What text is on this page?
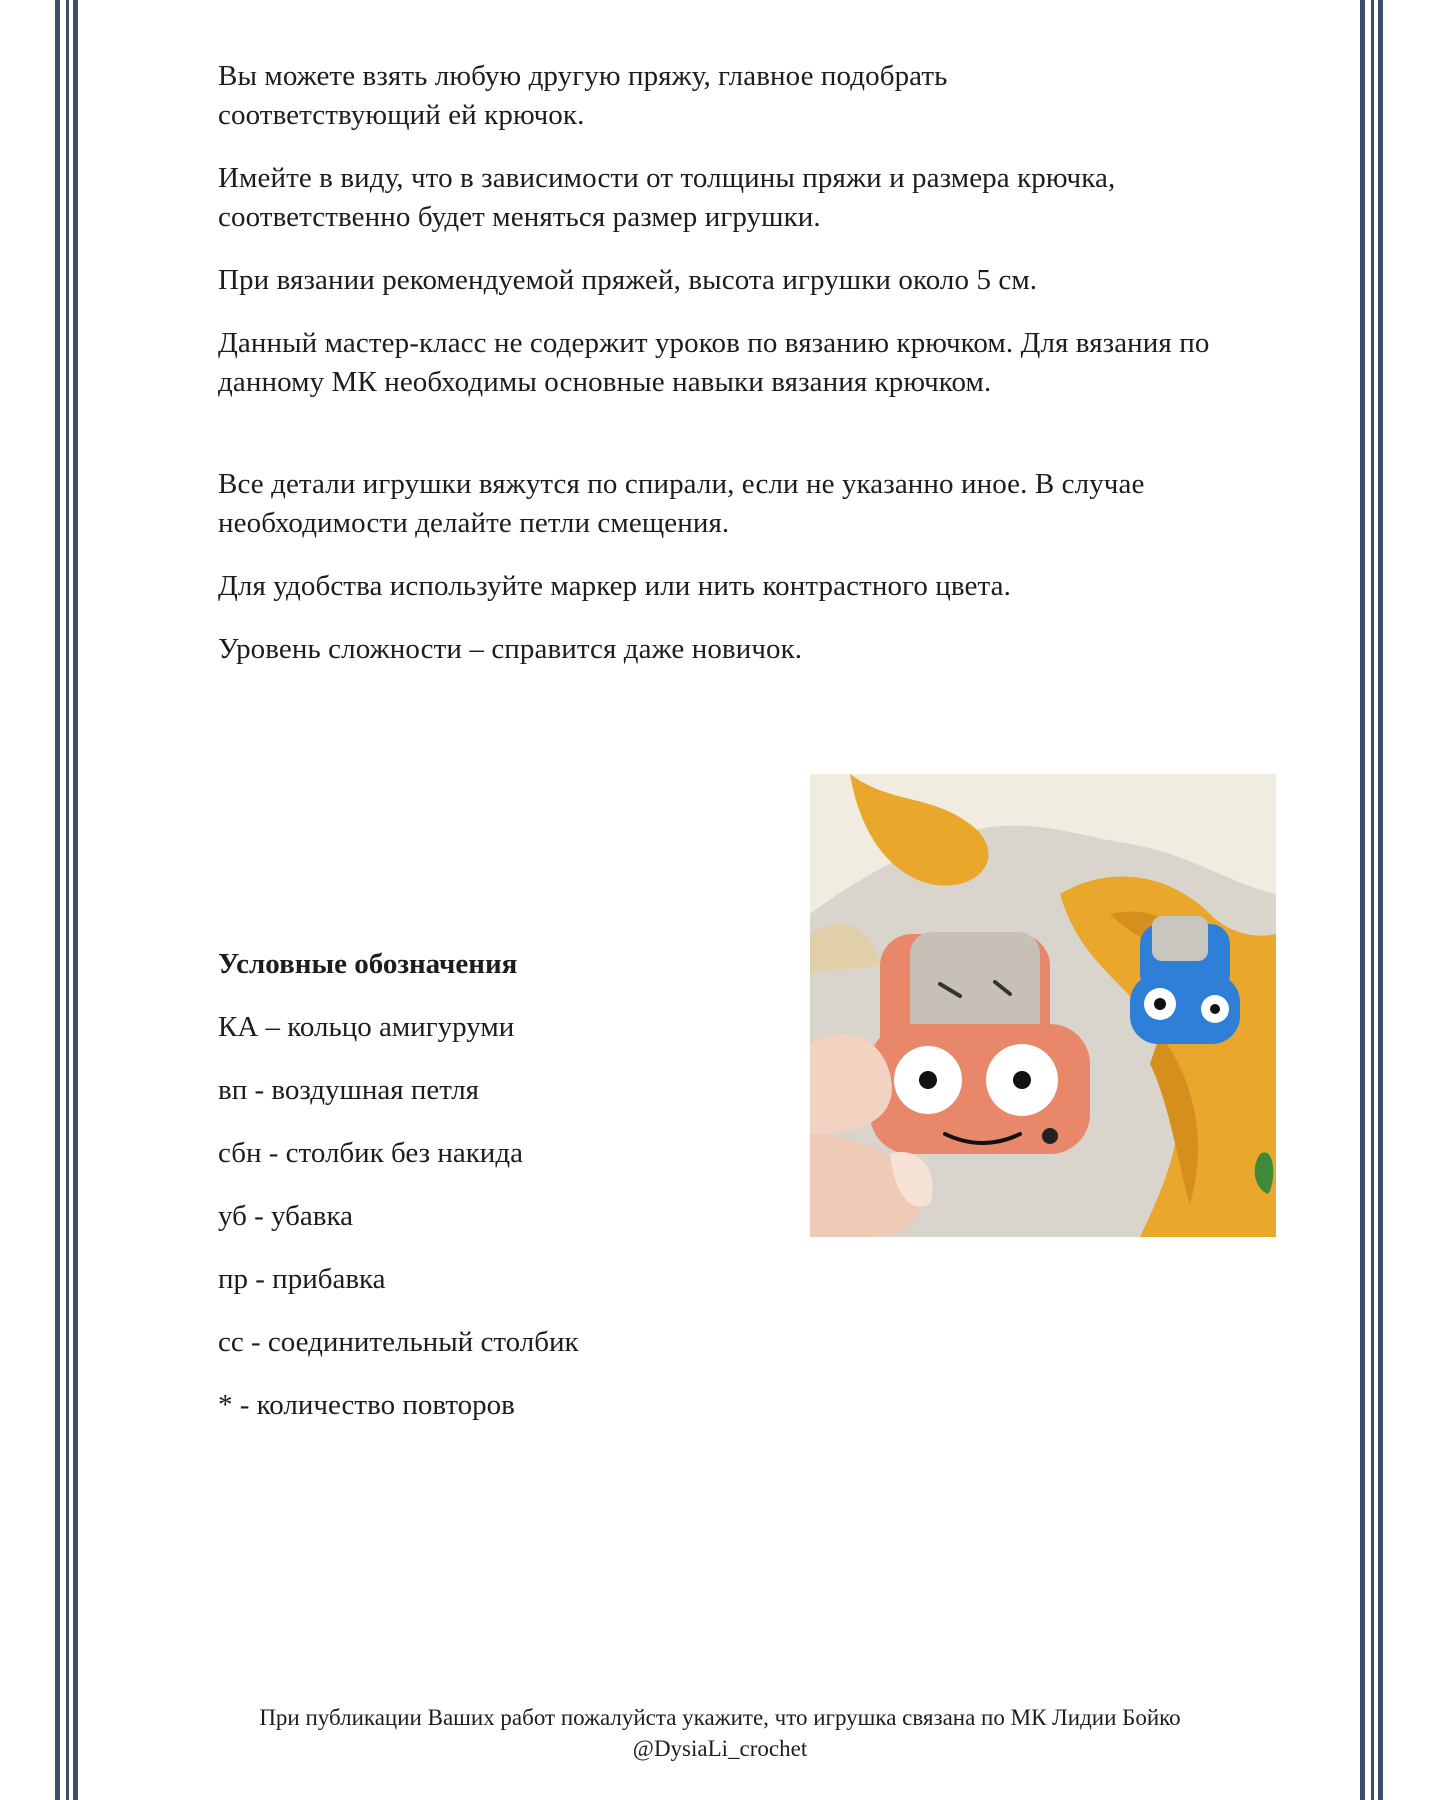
Вы можете взять любую другую пряжу, главное подобрать соответствующий ей крючок.

Имейте в виду, что в зависимости от толщины пряжи и размера крючка, соответственно будет меняться размер игрушки.

При вязании рекомендуемой пряжей, высота игрушки около 5 см.

Данный мастер-класс не содержит уроков по вязанию крючком. Для вязания по данному МК необходимы основные навыки вязания крючком.

Все детали игрушки вяжутся по спирали, если не указанно иное. В случае необходимости делайте петли смещения.

Для удобства используйте маркер или нить контрастного цвета.

Уровень сложности – справится даже новичок.

Условные обозначения

КА – кольцо амигуруми

вп - воздушная петля

сбн - столбик без накида

уб - убавка

пр - прибавка

сс - соединительный столбик

* - количество повторов

При публикации Ваших работ пожалуйста укажите, что игрушка связана по МК Лидии Бойко @DysiaLi_crochet
